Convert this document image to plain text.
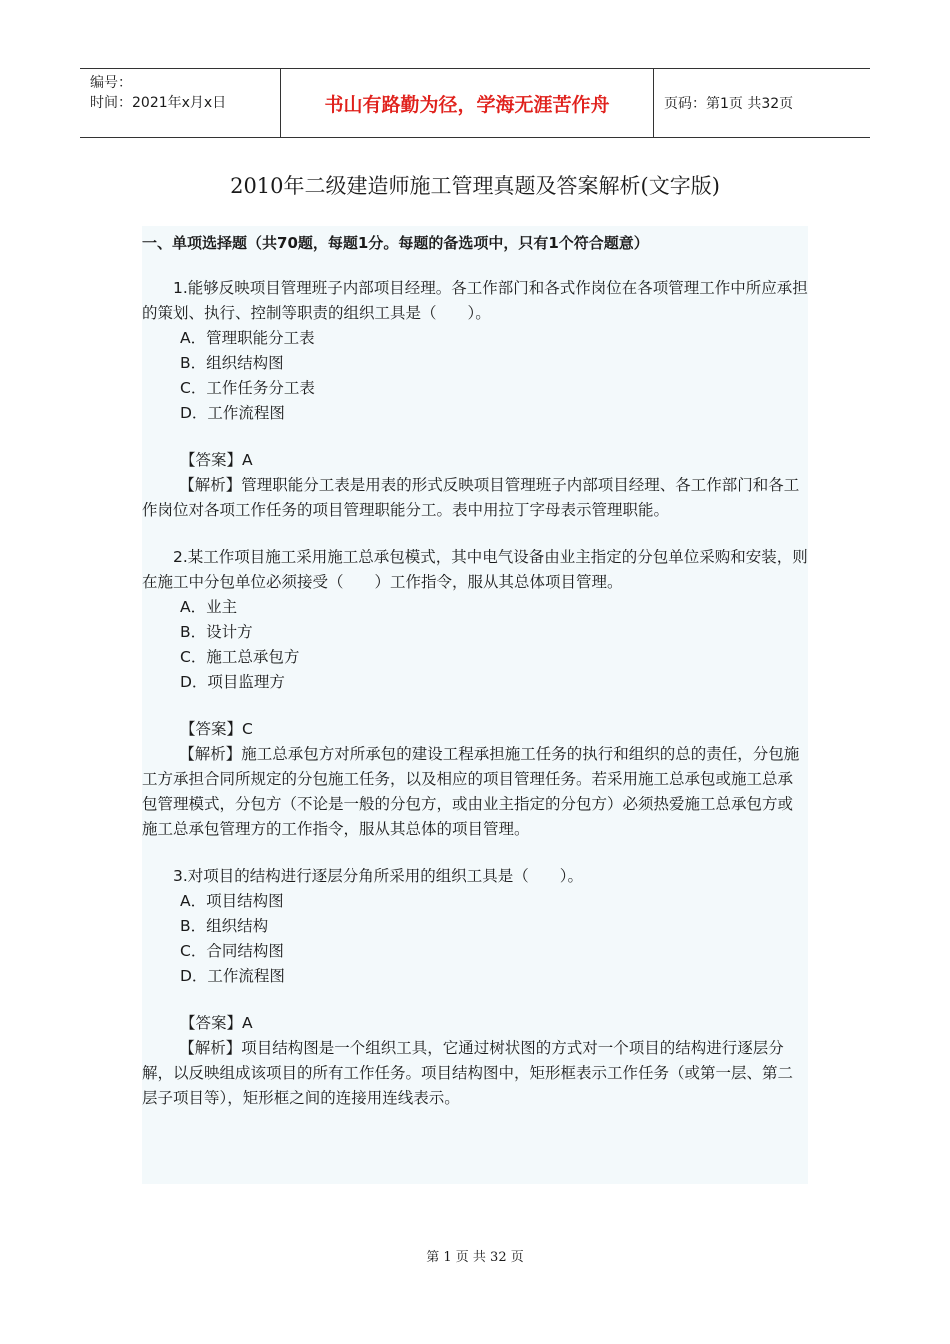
编号：
时间：2021年x月x日	书山有路勤为径，学海无涯苦作舟	页码：第1页 共32页
2010年二级建造师施工管理真题及答案解析(文字版)
一、单项选择题（共70题，每题1分。每题的备选项中，只有1个符合题意）
1.能够反映项目管理班子内部项目经理。各工作部门和各式作岗位在各项管理工作中所应承担的策划、执行、控制等职责的组织工具是（　　）。
A．管理职能分工表
B．组织结构图
C．工作任务分工表
D．工作流程图
【答案】A
【解析】管理职能分工表是用表的形式反映项目管理班子内部项目经理、各工作部门和各工作岗位对各项工作任务的项目管理职能分工。表中用拉丁字母表示管理职能。
2.某工作项目施工采用施工总承包模式，其中电气设备由业主指定的分包单位采购和安装，则在施工中分包单位必须接受（　　）工作指令，服从其总体项目管理。
A．业主
B．设计方
C．施工总承包方
D．项目监理方
【答案】C
【解析】施工总承包方对所承包的建设工程承担施工任务的执行和组织的总的责任，分包施工方承担合同所规定的分包施工任务，以及相应的项目管理任务。若采用施工总承包或施工总承包管理模式，分包方（不论是一般的分包方，或由业主指定的分包方）必须热爱施工总承包方或施工总承包管理方的工作指令，服从其总体的项目管理。
3.对项目的结构进行逐层分角所采用的组织工具是（　　）。
A．项目结构图
B．组织结构
C．合同结构图
D．工作流程图
【答案】A
【解析】项目结构图是一个组织工具，它通过树状图的方式对一个项目的结构进行逐层分解，以反映组成该项目的所有工作任务。项目结构图中，矩形框表示工作任务（或第一层、第二层子项目等），矩形框之间的连接用连线表示。
第 1 页 共 32 页
